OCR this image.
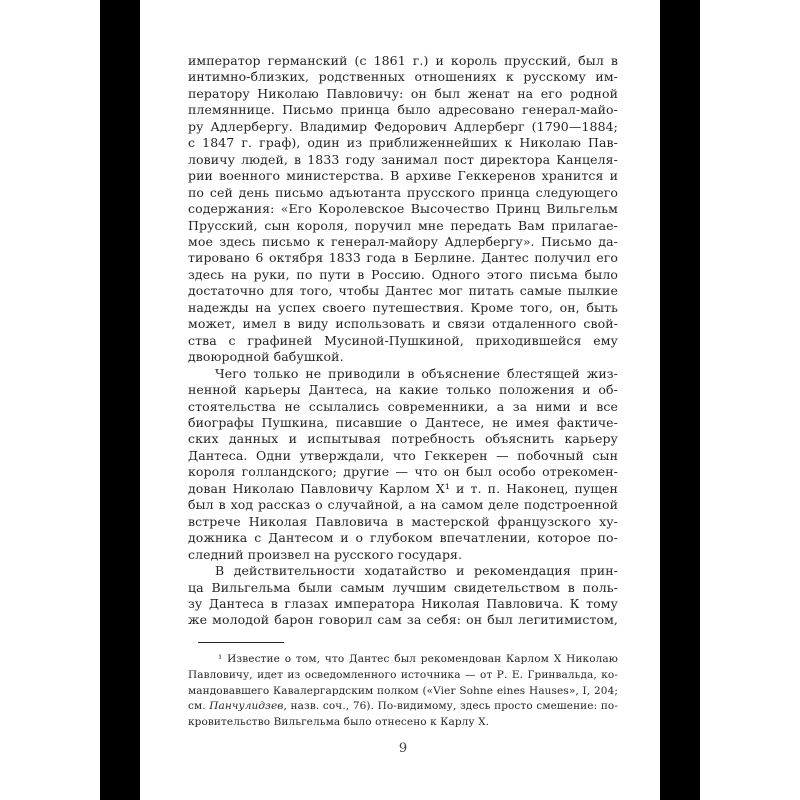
император германский (с 1861 г.) и король прусский, был в
интимно-близких, родственных отношениях к русскому им-
ператору Николаю Павловичу: он был женат на его родной
племяннице. Письмо принца было адресовано генерал-майо-
ру Адлербергу. Владимир Федорович Адлерберг (1790—1884;
с 1847 г. граф), один из приближеннейших к Николаю Пав-
ловичу людей, в 1833 году занимал пост директора Канцеля-
рии военного министерства. В архиве Геккеренов хранится и
по сей день письмо адъютанта прусского принца следующего
содержания: «Его Королевское Высочество Принц Вильгельм
Прусский, сын короля, поручил мне передать Вам прилагае-
мое здесь письмо к генерал-майору Адлербергу». Письмо да-
тировано 6 октября 1833 года в Берлине. Дантес получил его
здесь на руки, по пути в Россию. Одного этого письма было
достаточно для того, чтобы Дантес мог питать самые пылкие
надежды на успех своего путешествия. Кроме того, он, быть
может, имел в виду использовать и связи отдаленного свой-
ства с графиней Мусиной-Пушкиной, приходившейся ему
двоюродной бабушкой.
Чего только не приводили в объяснение блестящей жиз-
ненной карьеры Дантеса, на какие только положения и об-
стоятельства не ссылались современники, а за ними и все
биографы Пушкина, писавшие о Дантесе, не имея фактиче-
ских данных и испытывая потребность объяснить карьеру
Дантеса. Одни утверждали, что Геккерен — побочный сын
короля голландского; другие — что он был особо отрекомен-
дован Николаю Павловичу Карлом X¹ и т. п. Наконец, пущен
был в ход рассказ о случайной, а на самом деле подстроенной
встрече Николая Павловича в мастерской французского ху-
дожника с Дантесом и о глубоком впечатлении, которое по-
следний произвел на русского государя.
В действительности ходатайство и рекомендация прин-
ца Вильгельма были самым лучшим свидетельством в поль-
зу Дантеса в глазах императора Николая Павловича. К тому
же молодой барон говорил сам за себя: он был легитимистом,
¹ Известие о том, что Дантес был рекомендован Карлом X Николаю
Павловичу, идет из осведомленного источника — от Р. Е. Гринвальда, ко-
мандовавшего Кавалергардским полком («Vier Sohne eines Hauses», I, 204;
см. Панчулидзев, назв. соч., 76). По-видимому, здесь просто смешение: по-
кровительство Вильгельма было отнесено к Карлу X.
9
